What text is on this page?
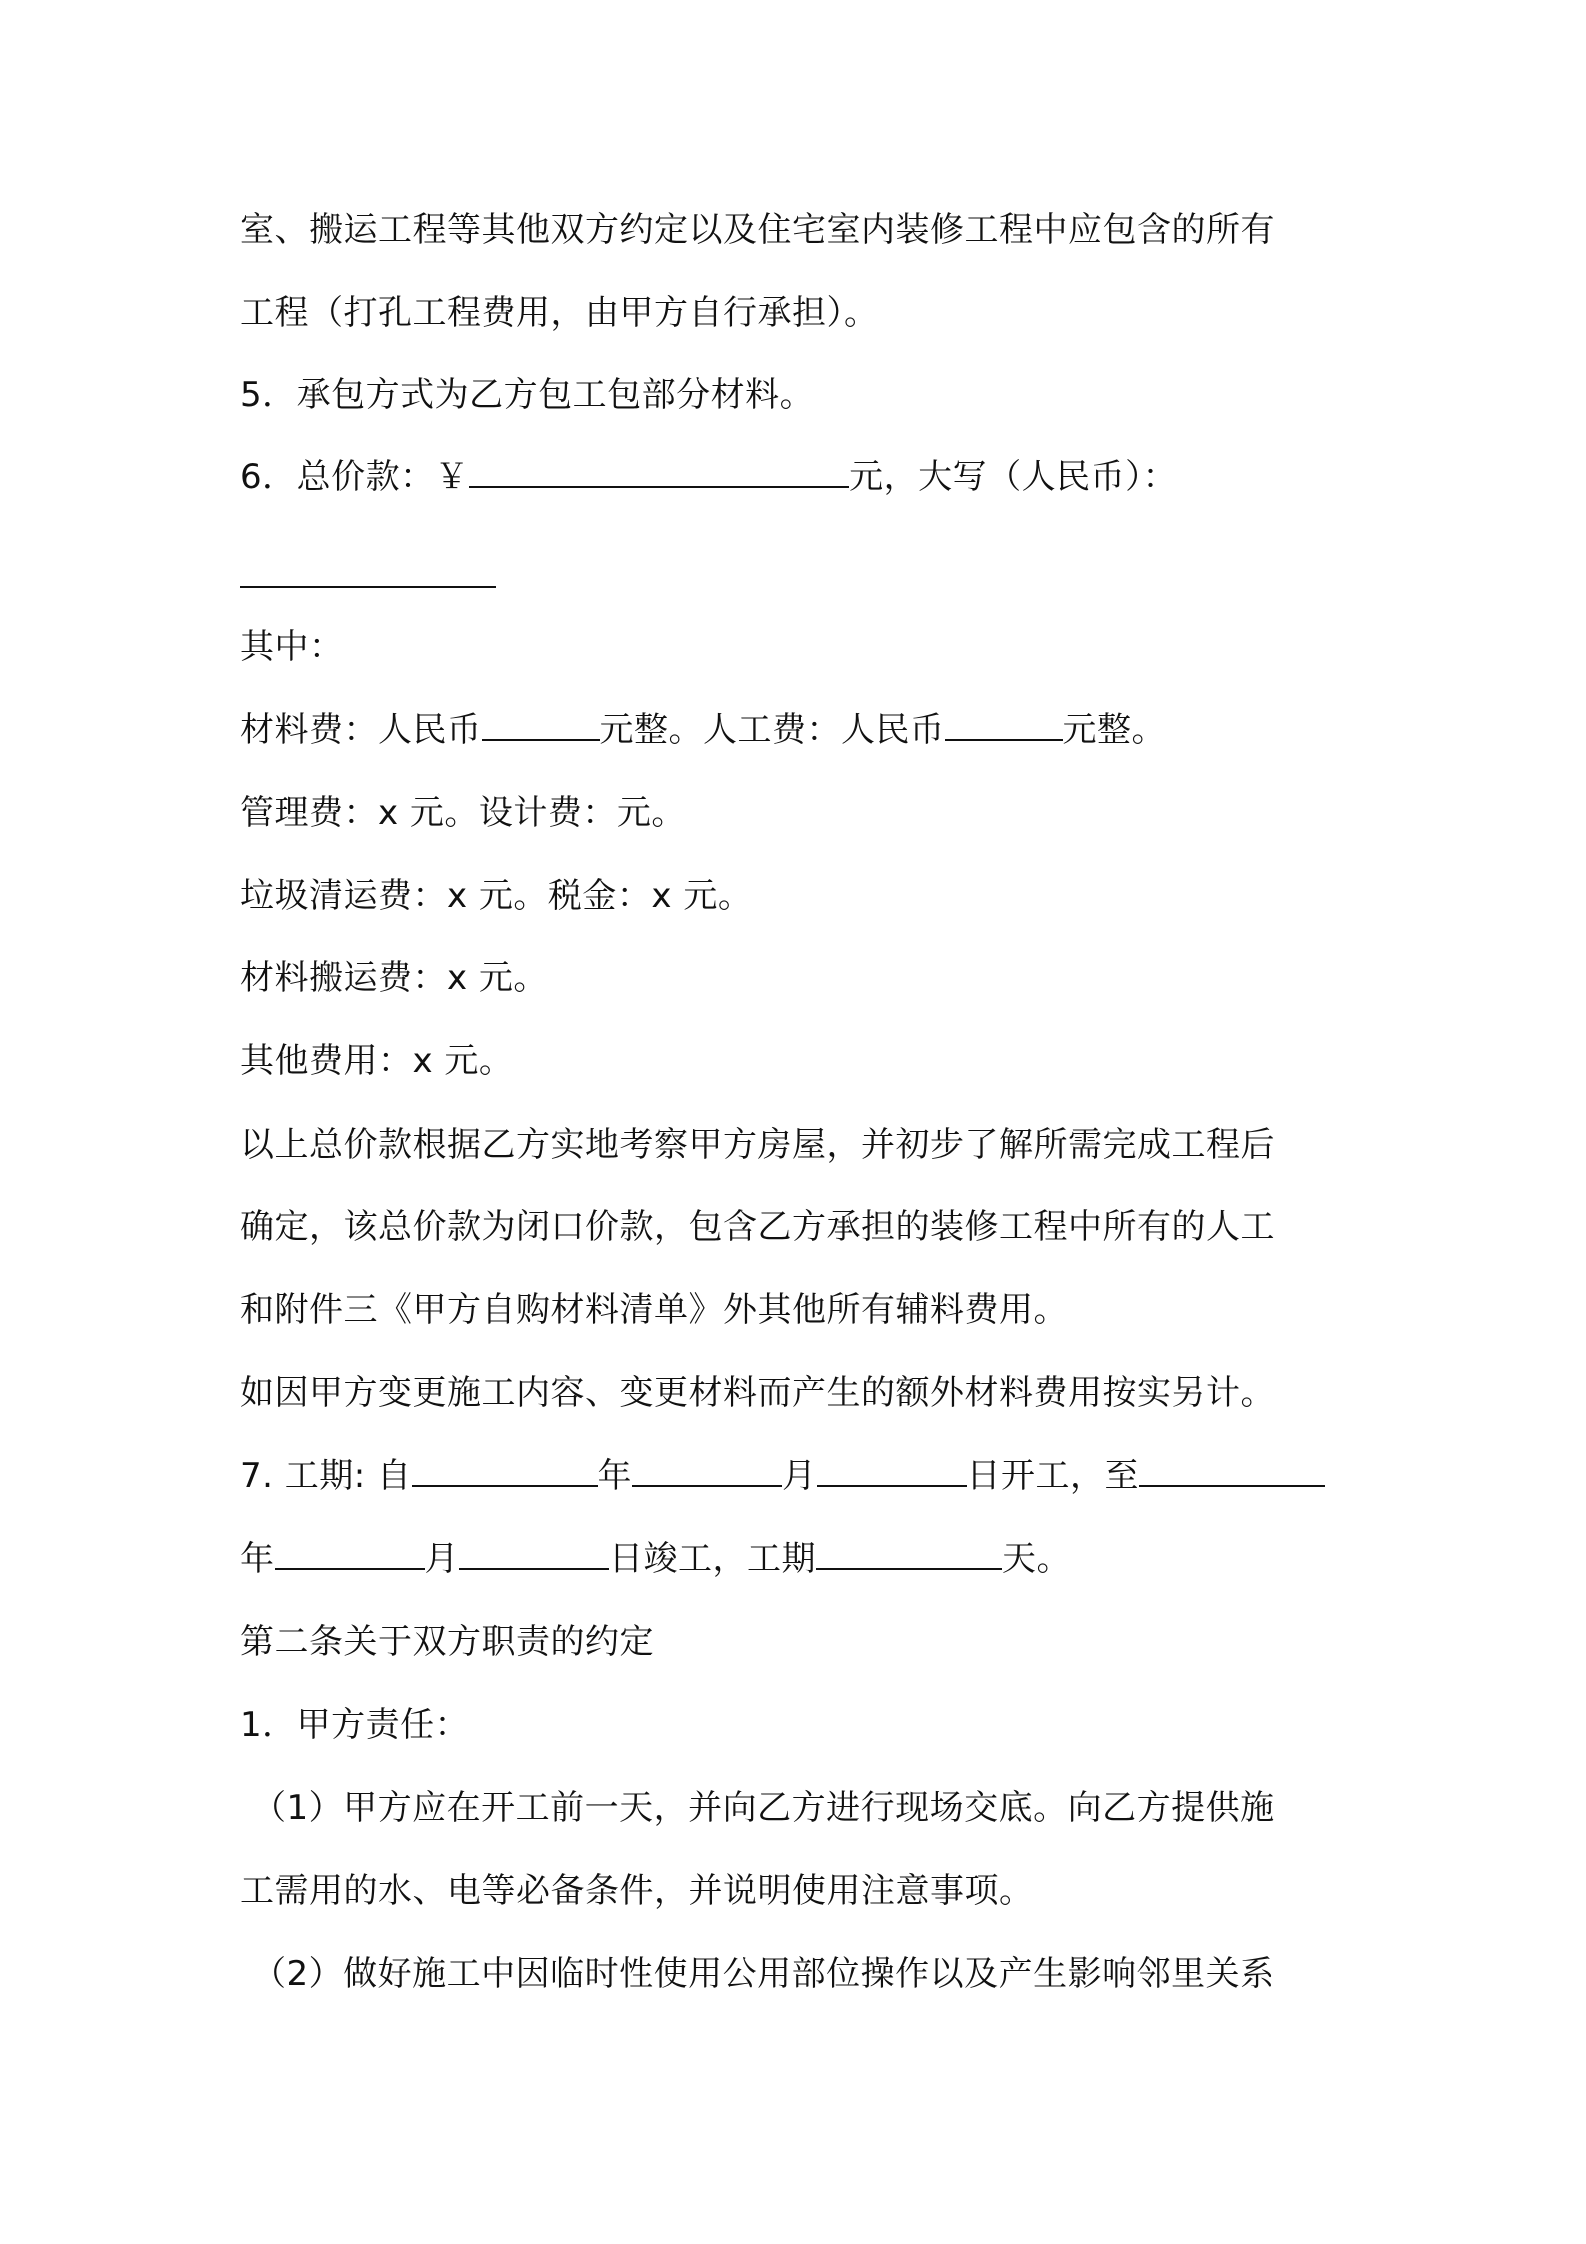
室、搬运工程等其他双方约定以及住宅室内装修工程中应包含的所有
工程（打孔工程费用，由甲方自行承担）。
5．承包方式为乙方包工包部分材料。
6．总价款：￥	元，大写（人民币）：
其中：
材料费：人民币	元整。人工费：人民币	元整。
管理费：x 元。设计费：元。
垃圾清运费：x 元。税金：x 元。
材料搬运费：x 元。
其他费用：x 元。
以上总价款根据乙方实地考察甲方房屋，并初步了解所需完成工程后
确定，该总价款为闭口价款，包含乙方承担的装修工程中所有的人工
和附件三《甲方自购材料清单》外其他所有辅料费用。
如因甲方变更施工内容、变更材料而产生的额外材料费用按实另计。
7. 工期: 自	年	月	日开工，至
年	月	日竣工，工期	天。
第二条关于双方职责的约定
1．甲方责任：
（1）甲方应在开工前一天，并向乙方进行现场交底。向乙方提供施
工需用的水、电等必备条件，并说明使用注意事项。
（2）做好施工中因临时性使用公用部位操作以及产生影响邻里关系
